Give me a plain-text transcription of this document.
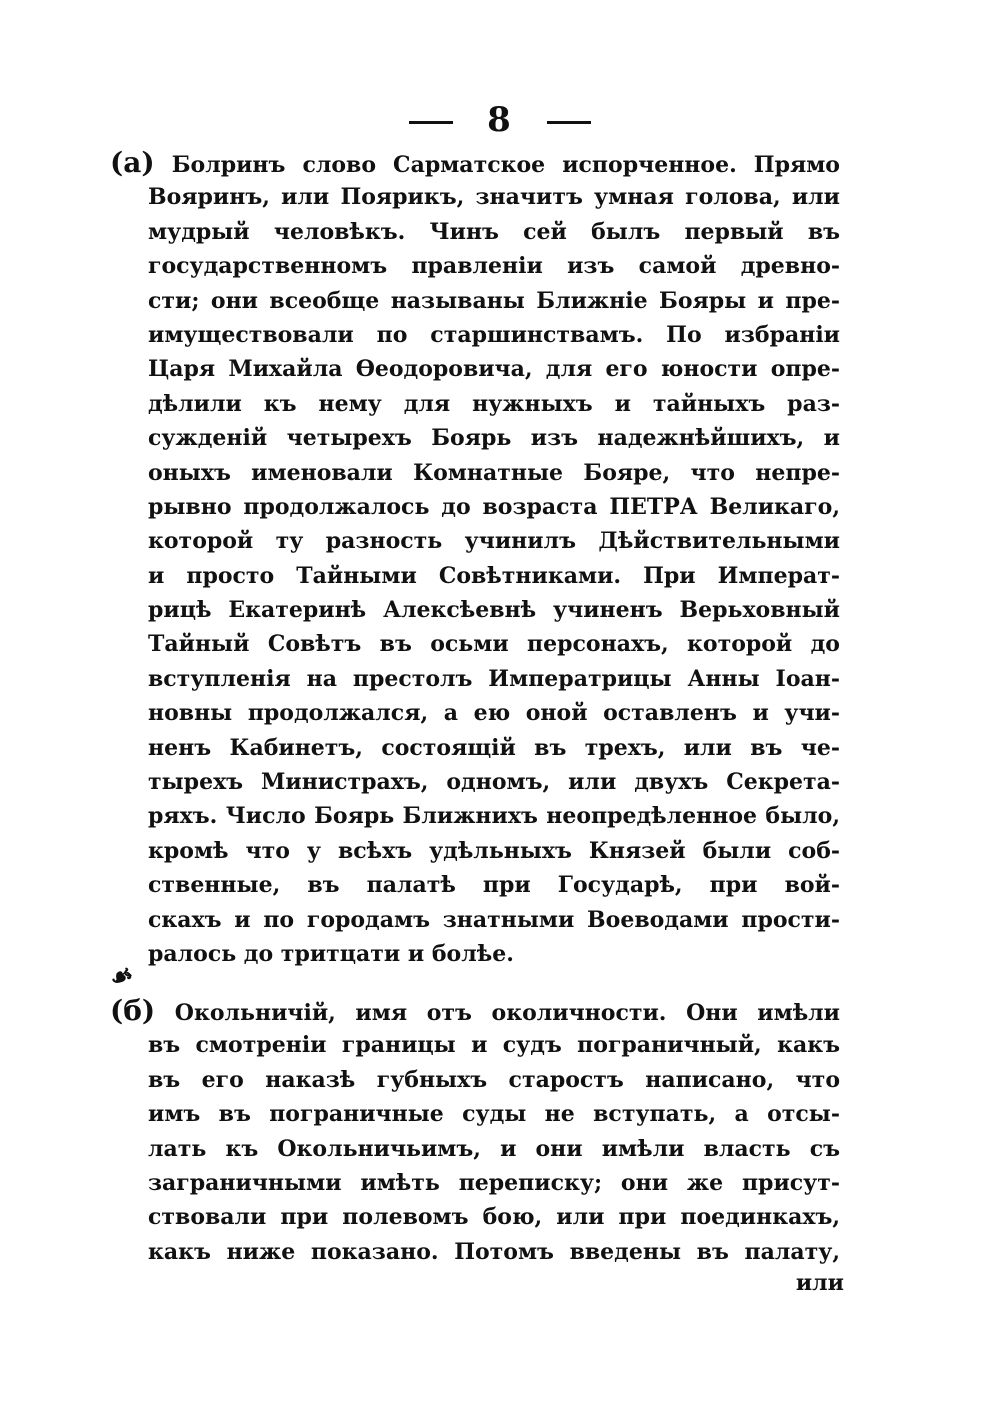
8
(а) Болринъ слово Сарматское испорченное. Прямо
Вояринъ, или Поярикъ, значитъ умная голова, или
мудрый человѣкъ. Чинъ сей былъ первый въ
государственномъ правленіи изъ самой древно-
сти; они всеобще называны Ближніе Бояры и пре-
имуществовали по старшинствамъ. По избраніи
Царя Михайла Ѳеодоровича, для его юности опре-
дѣлили къ нему для нужныхъ и тайныхъ раз-
сужденій четырехъ Боярь изъ надежнѣйшихъ, и
оныхъ именовали Комнатные Бояре, что непре-
рывно продолжалось до возраста ПЕТРА Великаго,
которой ту разность учинилъ Дѣйствительными
и просто Тайными Совѣтниками. При Императ-
рицѣ Екатеринѣ Алексѣевнѣ учиненъ Верьховный
Тайный Совѣтъ въ осьми персонахъ, которой до
вступленія на престолъ Императрицы Анны Іоан-
новны продолжался, а ею оной оставленъ и учи-
ненъ Кабинетъ, состоящій въ трехъ, или въ че-
тырехъ Министрахъ, одномъ, или двухъ Секрета-
ряхъ. Число Боярь Ближнихъ неопредѣленное было,
кромѣ что у всѣхъ удѣльныхъ Князей были соб-
ственные, въ палатѣ при Государѣ, при вой-
скахъ и по городамъ знатными Воеводами прости-
ралось до тритцати и болѣе.
☙
(б) Окольничій, имя отъ околичности. Они имѣли
въ смотреніи границы и судъ пограничный, какъ
въ его наказѣ губныхъ старостъ написано, что
имъ въ пограничные суды не вступать, а отсы-
лать къ Окольничьимъ, и они имѣли власть съ
заграничными имѣть переписку; они же присут-
ствовали при полевомъ бою, или при поединкахъ,
какъ ниже показано. Потомъ введены въ палату,
или
